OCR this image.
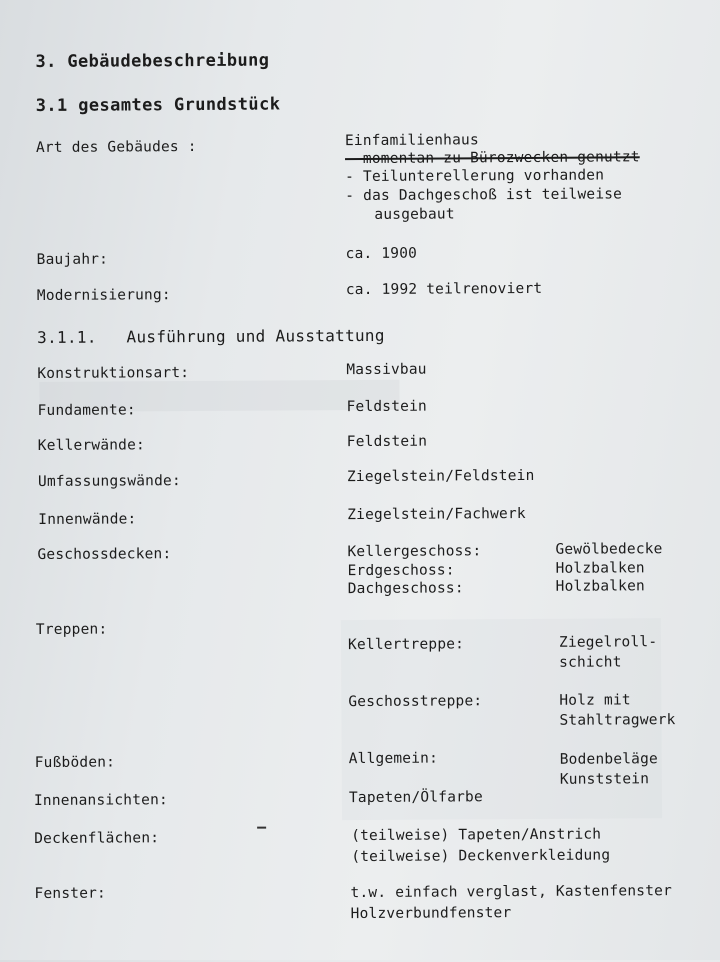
3. Gebäudebeschreibung
3.1 gesamtes Grundstück
Art des Gebäudes :	Einfamilienhaus
- momentan zu Bürozwecken genutzt
- Teilunterellerung vorhanden
- das Dachgeschoß ist teilweise
ausgebaut
Baujahr:	ca. 1900
Modernisierung:	ca. 1992 teilrenoviert
3.1.1.   Ausführung und Ausstattung
Konstruktionsart:	Massivbau
Fundamente:	Feldstein
Kellerwände:	Feldstein
Umfassungswände:	Ziegelstein/Feldstein
Innenwände:	Ziegelstein/Fachwerk
Geschossdecken:	Kellergeschoss:	Gewölbedecke
Erdgeschoss:	Holzbalken
Dachgeschoss:	Holzbalken
Treppen:
Kellertreppe:	Ziegelroll-
schicht
Geschosstreppe:	Holz mit
Stahltragwerk
Fußböden:	Allgemein:	Bodenbeläge
Kunststein
Innenansichten:	Tapeten/Ölfarbe
Deckenflächen:	(teilweise) Tapeten/Anstrich
(teilweise) Deckenverkleidung
Fenster:	t.w. einfach verglast, Kastenfenster
Holzverbundfenster
